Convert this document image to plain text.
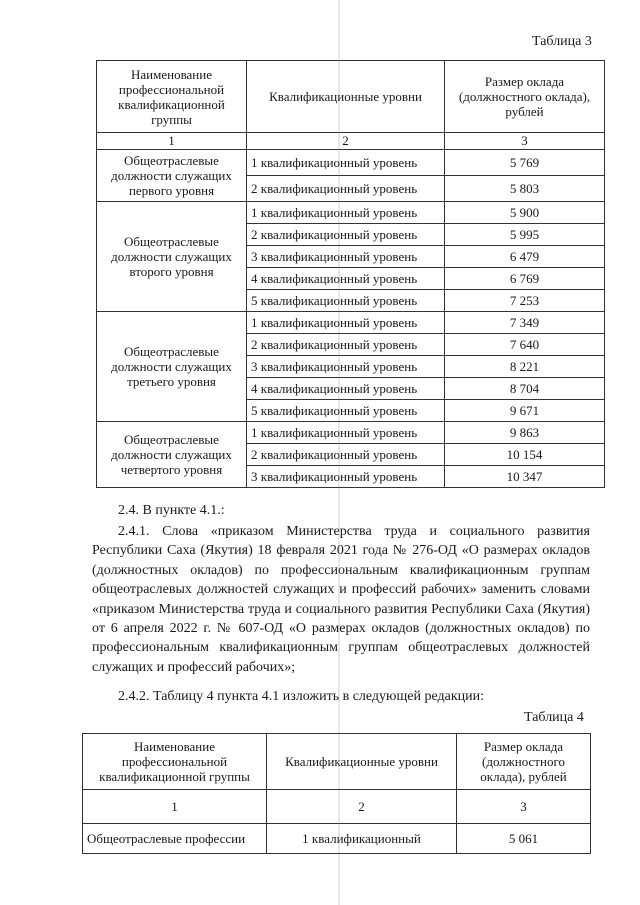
Таблица 3
Наименование профессиональной квалификационной группы	Квалификационные уровни	Размер оклада (должностного оклада), рублей
1	2	3
Общеотраслевые должности служащих первого уровня	1 квалификационный уровень	5 769
	2 квалификационный уровень	5 803
Общеотраслевые должности служащих второго уровня	1 квалификационный уровень	5 900
	2 квалификационный уровень	5 995
	3 квалификационный уровень	6 479
	4 квалификационный уровень	6 769
	5 квалификационный уровень	7 253
Общеотраслевые должности служащих третьего уровня	1 квалификационный уровень	7 349
	2 квалификационный уровень	7 640
	3 квалификационный уровень	8 221
	4 квалификационный уровень	8 704
	5 квалификационный уровень	9 671
Общеотраслевые должности служащих четвертого уровня	1 квалификационный уровень	9 863
	2 квалификационный уровень	10 154
	3 квалификационный уровень	10 347
2.4. В пункте 4.1.:
2.4.1. Слова «приказом Министерства труда и социального развития Республики Саха (Якутия) 18 февраля 2021 года № 276-ОД «О размерах окладов (должностных окладов) по профессиональным квалификационным группам общеотраслевых должностей служащих и профессий рабочих» заменить словами «приказом Министерства труда и социального развития Республики Саха (Якутия) от 6 апреля 2022 г. № 607-ОД «О размерах окладов (должностных окладов) по профессиональным квалификационным группам общеотраслевых должностей служащих и профессий рабочих»;
2.4.2. Таблицу 4 пункта 4.1 изложить в следующей редакции:
Таблица 4
Наименование профессиональной квалификационной группы	Квалификационные уровни	Размер оклада (должностного оклада), рублей
1	2	3
Общеотраслевые профессии	1 квалификационный	5 061
